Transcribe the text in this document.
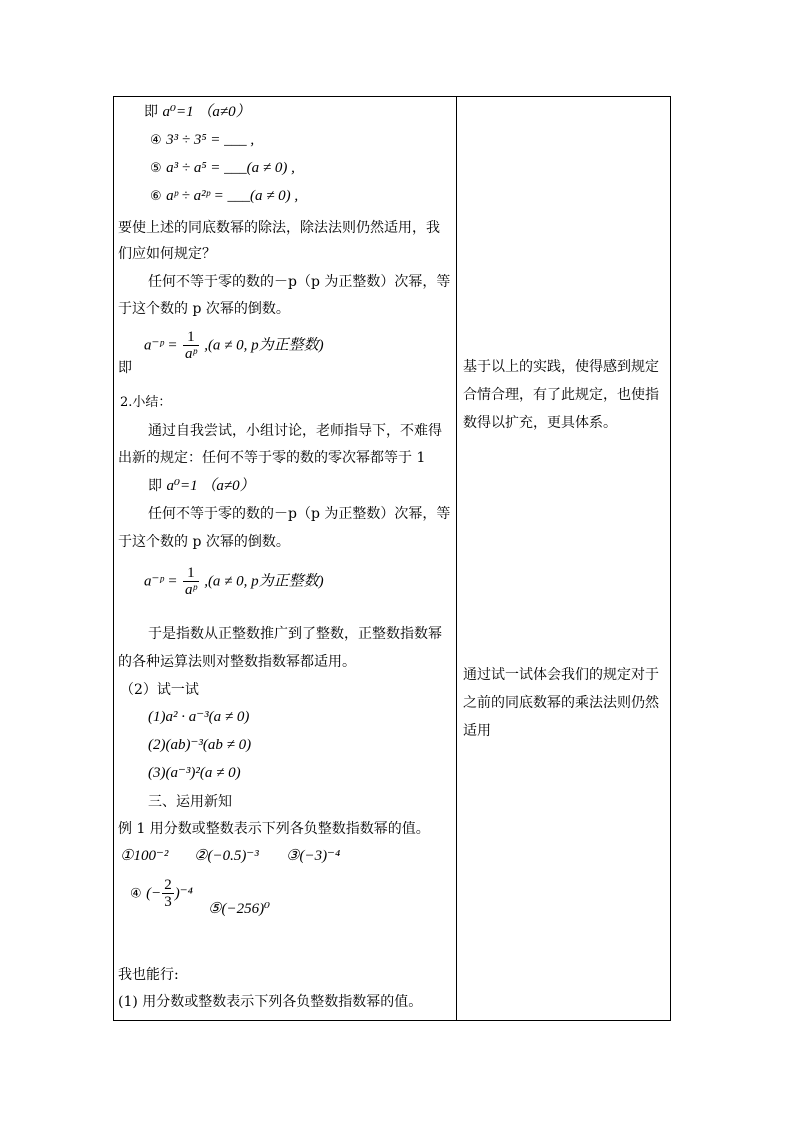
即 a⁰=1 （a≠0）
④ 3³ ÷ 3⁵ = ___ ,
⑤ a³ ÷ a⁵ = ___(a ≠ 0) ,
⑥ aᵖ ÷ a²ᵖ = ___(a ≠ 0) ,
要使上述的同底数幂的除法，除法法则仍然适用，我
们应如何规定？
任何不等于零的数的－p（p 为正整数）次幂，等
于这个数的 p 次幂的倒数。
即
a⁻ᵖ = $\frac{1}{\text{aᵖ}} ,(a \ne 0$, p为正整数)
2.小结：
通过自我尝试，小组讨论，老师指导下，不难得
出新的规定：任何不等于零的数的零次幂都等于 1
即 a⁰=1 （a≠0）
任何不等于零的数的－p（p 为正整数）次幂，等
于这个数的 p 次幂的倒数。
a⁻ᵖ = $\frac{1}{\text{aᵖ}} ,(a \ne 0$, p为正整数)
于是指数从正整数推广到了整数，正整数指数幂
的各种运算法则对整数指数幂都适用。
（2）试一试
(1)a² · a⁻³(a ≠ 0)
(2)(ab)⁻³(ab ≠ 0)
(3)(a⁻³)²(a ≠ 0)
三、运用新知
例 1 用分数或整数表示下列各负整数指数幂的值。
①100⁻² ②(−0.5)⁻³ ③(−3)⁻⁴
④ (− $\frac{2}{3} )^{-4}$
⑤(−256)⁰
我也能行:
(1) 用分数或整数表示下列各负整数指数幂的值。
基于以上的实践，使得感到规定合情合理，有了此规定，也使指数得以扩充，更具体系。
通过试一试体会我们的规定对于之前的同底数幂的乘法法则仍然适用
